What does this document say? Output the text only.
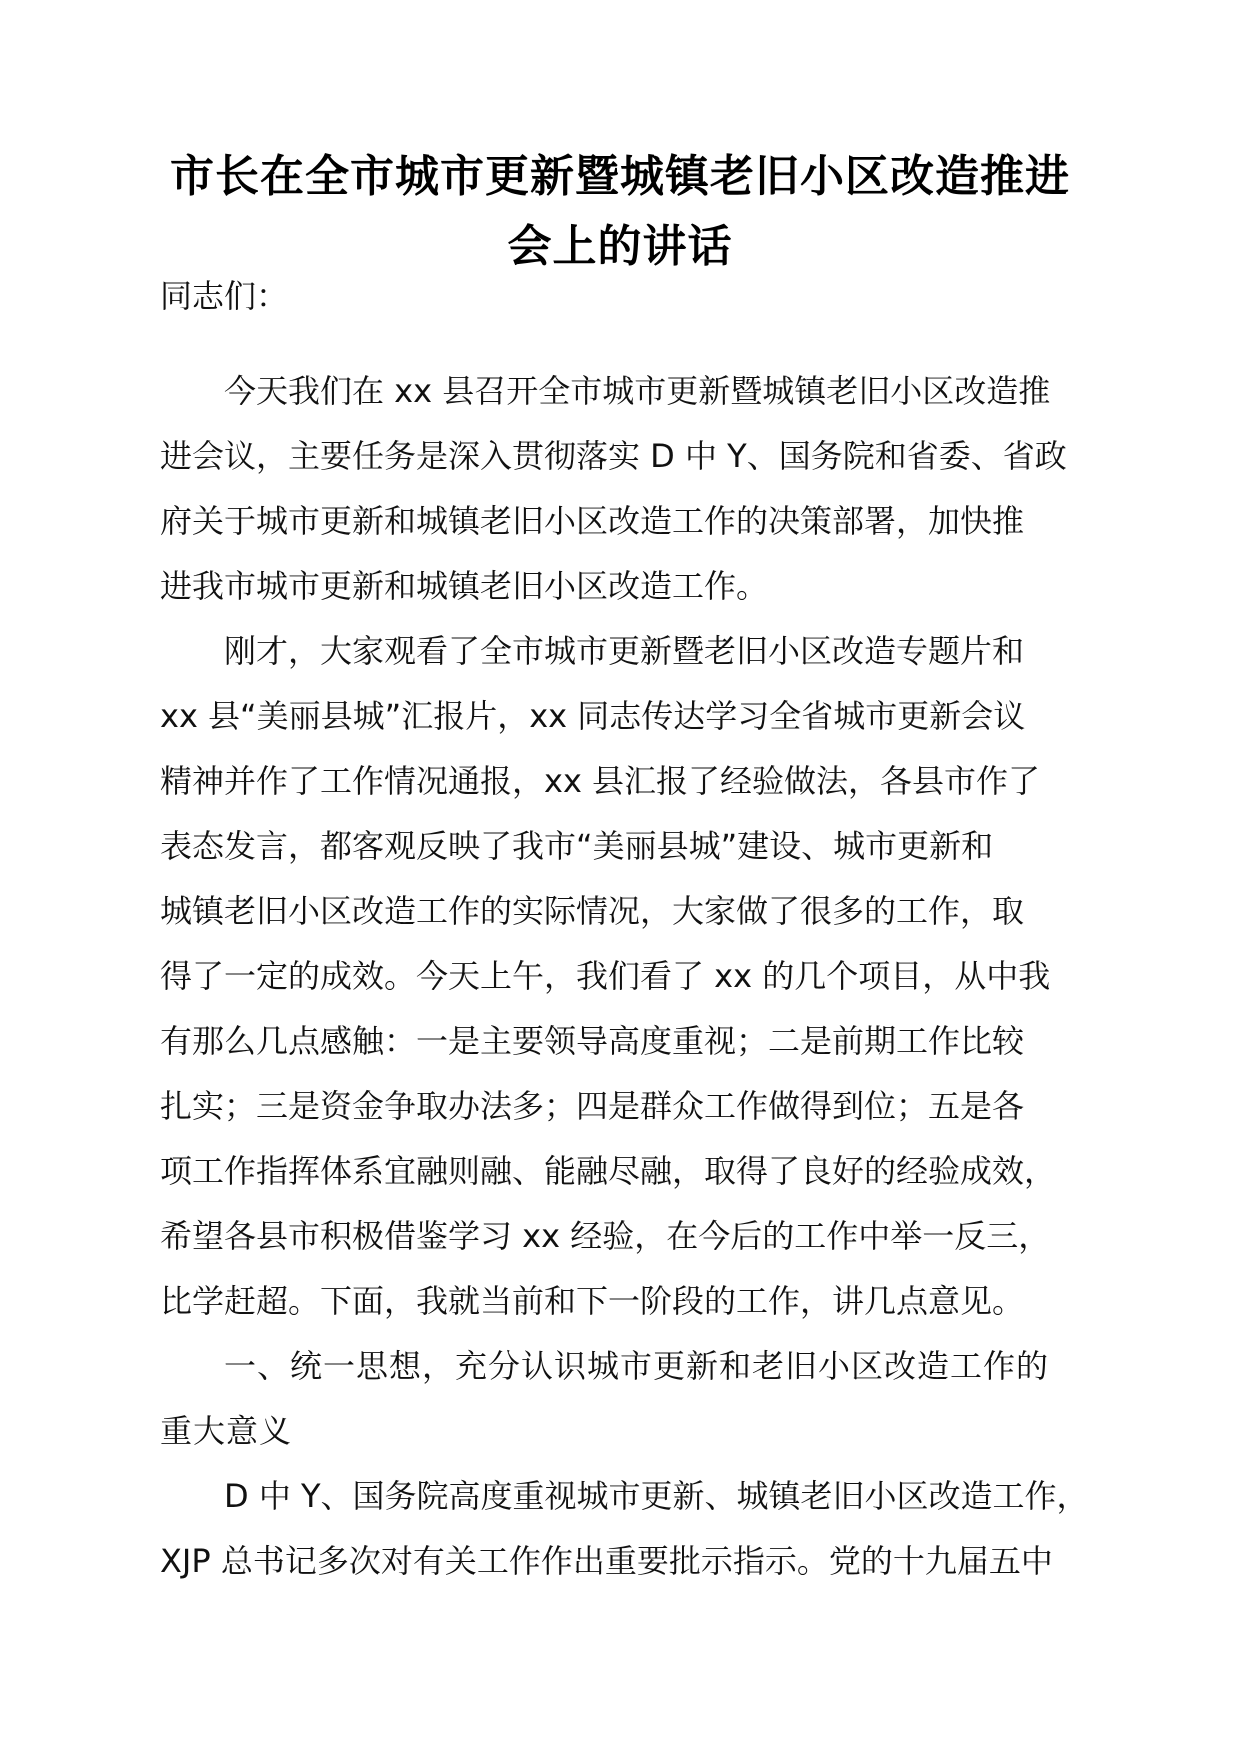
市长在全市城市更新暨城镇老旧小区改造推进
会上的讲话

同志们：

今天我们在 xx 县召开全市城市更新暨城镇老旧小区改造推
进会议，主要任务是深入贯彻落实 D 中 Y、国务院和省委、省政
府关于城市更新和城镇老旧小区改造工作的决策部署，加快推
进我市城市更新和城镇老旧小区改造工作。
刚才，大家观看了全市城市更新暨老旧小区改造专题片和
xx 县“美丽县城”汇报片，xx 同志传达学习全省城市更新会议
精神并作了工作情况通报，xx 县汇报了经验做法，各县市作了
表态发言，都客观反映了我市“美丽县城”建设、城市更新和
城镇老旧小区改造工作的实际情况，大家做了很多的工作，取
得了一定的成效。今天上午，我们看了 xx 的几个项目，从中我
有那么几点感触：一是主要领导高度重视；二是前期工作比较
扎实；三是资金争取办法多；四是群众工作做得到位；五是各
项工作指挥体系宜融则融、能融尽融，取得了良好的经验成效，
希望各县市积极借鉴学习 xx 经验，在今后的工作中举一反三，
比学赶超。下面，我就当前和下一阶段的工作，讲几点意见。
一、统一思想，充分认识城市更新和老旧小区改造工作的
重大意义
D 中 Y、国务院高度重视城市更新、城镇老旧小区改造工作，
XJP 总书记多次对有关工作作出重要批示指示。党的十九届五中
